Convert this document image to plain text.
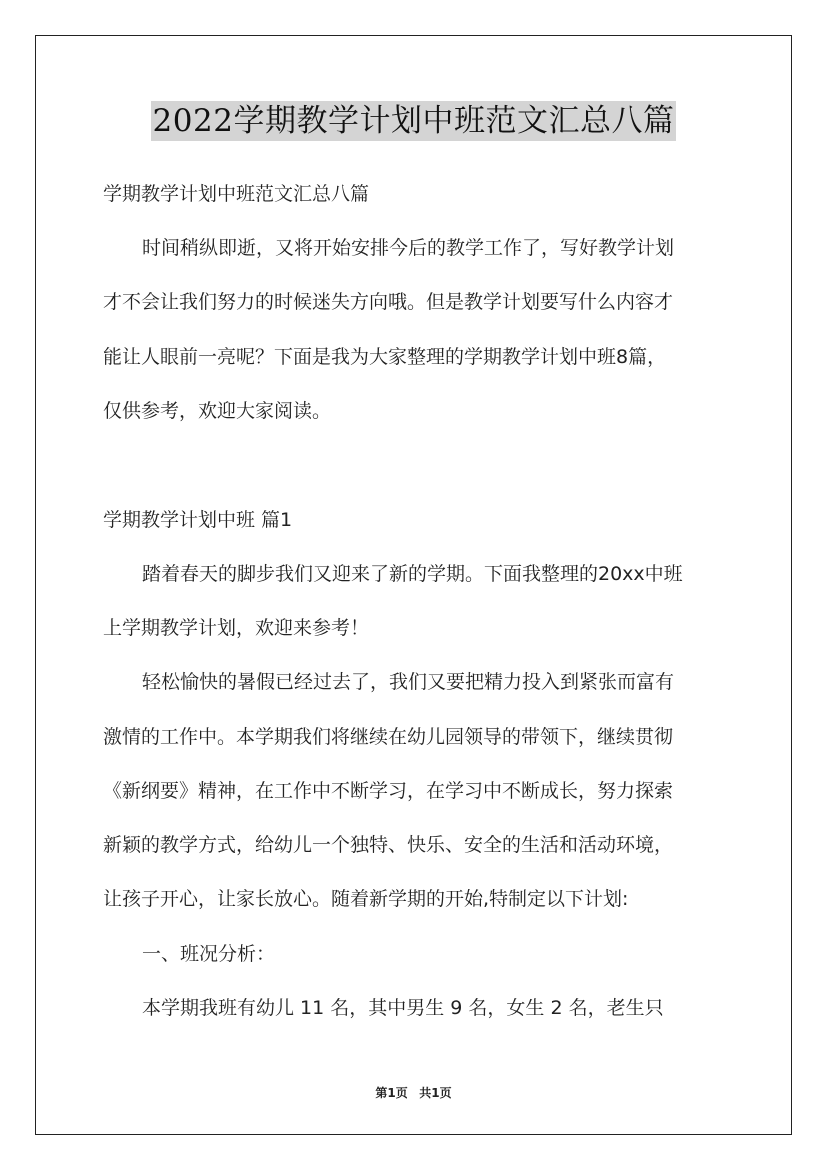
2022学期教学计划中班范文汇总八篇
学期教学计划中班范文汇总八篇
时间稍纵即逝，又将开始安排今后的教学工作了，写好教学计划
才不会让我们努力的时候迷失方向哦。但是教学计划要写什么内容才
能让人眼前一亮呢？下面是我为大家整理的学期教学计划中班8篇，
仅供参考，欢迎大家阅读。
学期教学计划中班 篇1
踏着春天的脚步我们又迎来了新的学期。下面我整理的20xx中班
上学期教学计划，欢迎来参考！
轻松愉快的暑假已经过去了，我们又要把精力投入到紧张而富有
激情的工作中。本学期我们将继续在幼儿园领导的带领下，继续贯彻
《新纲要》精神，在工作中不断学习，在学习中不断成长，努力探索
新颖的教学方式，给幼儿一个独特、快乐、安全的生活和活动环境，
让孩子开心，让家长放心。随着新学期的开始,特制定以下计划:
一、班况分析：
本学期我班有幼儿 11 名，其中男生 9 名，女生 2 名，老生只
第1页 共1页
